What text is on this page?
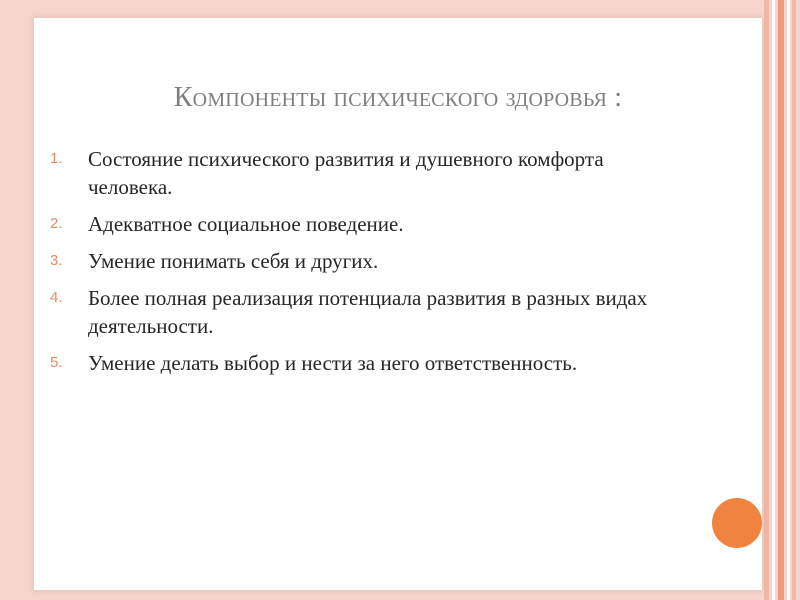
Компоненты психического здоровья :
1.	Состояние психического развития и душевного комфорта человека.
2.	Адекватное социальное поведение.
3.	Умение понимать себя и других.
4.	Более полная реализация потенциала развития в разных видах деятельности.
5.	Умение делать выбор и нести за него ответственность.
